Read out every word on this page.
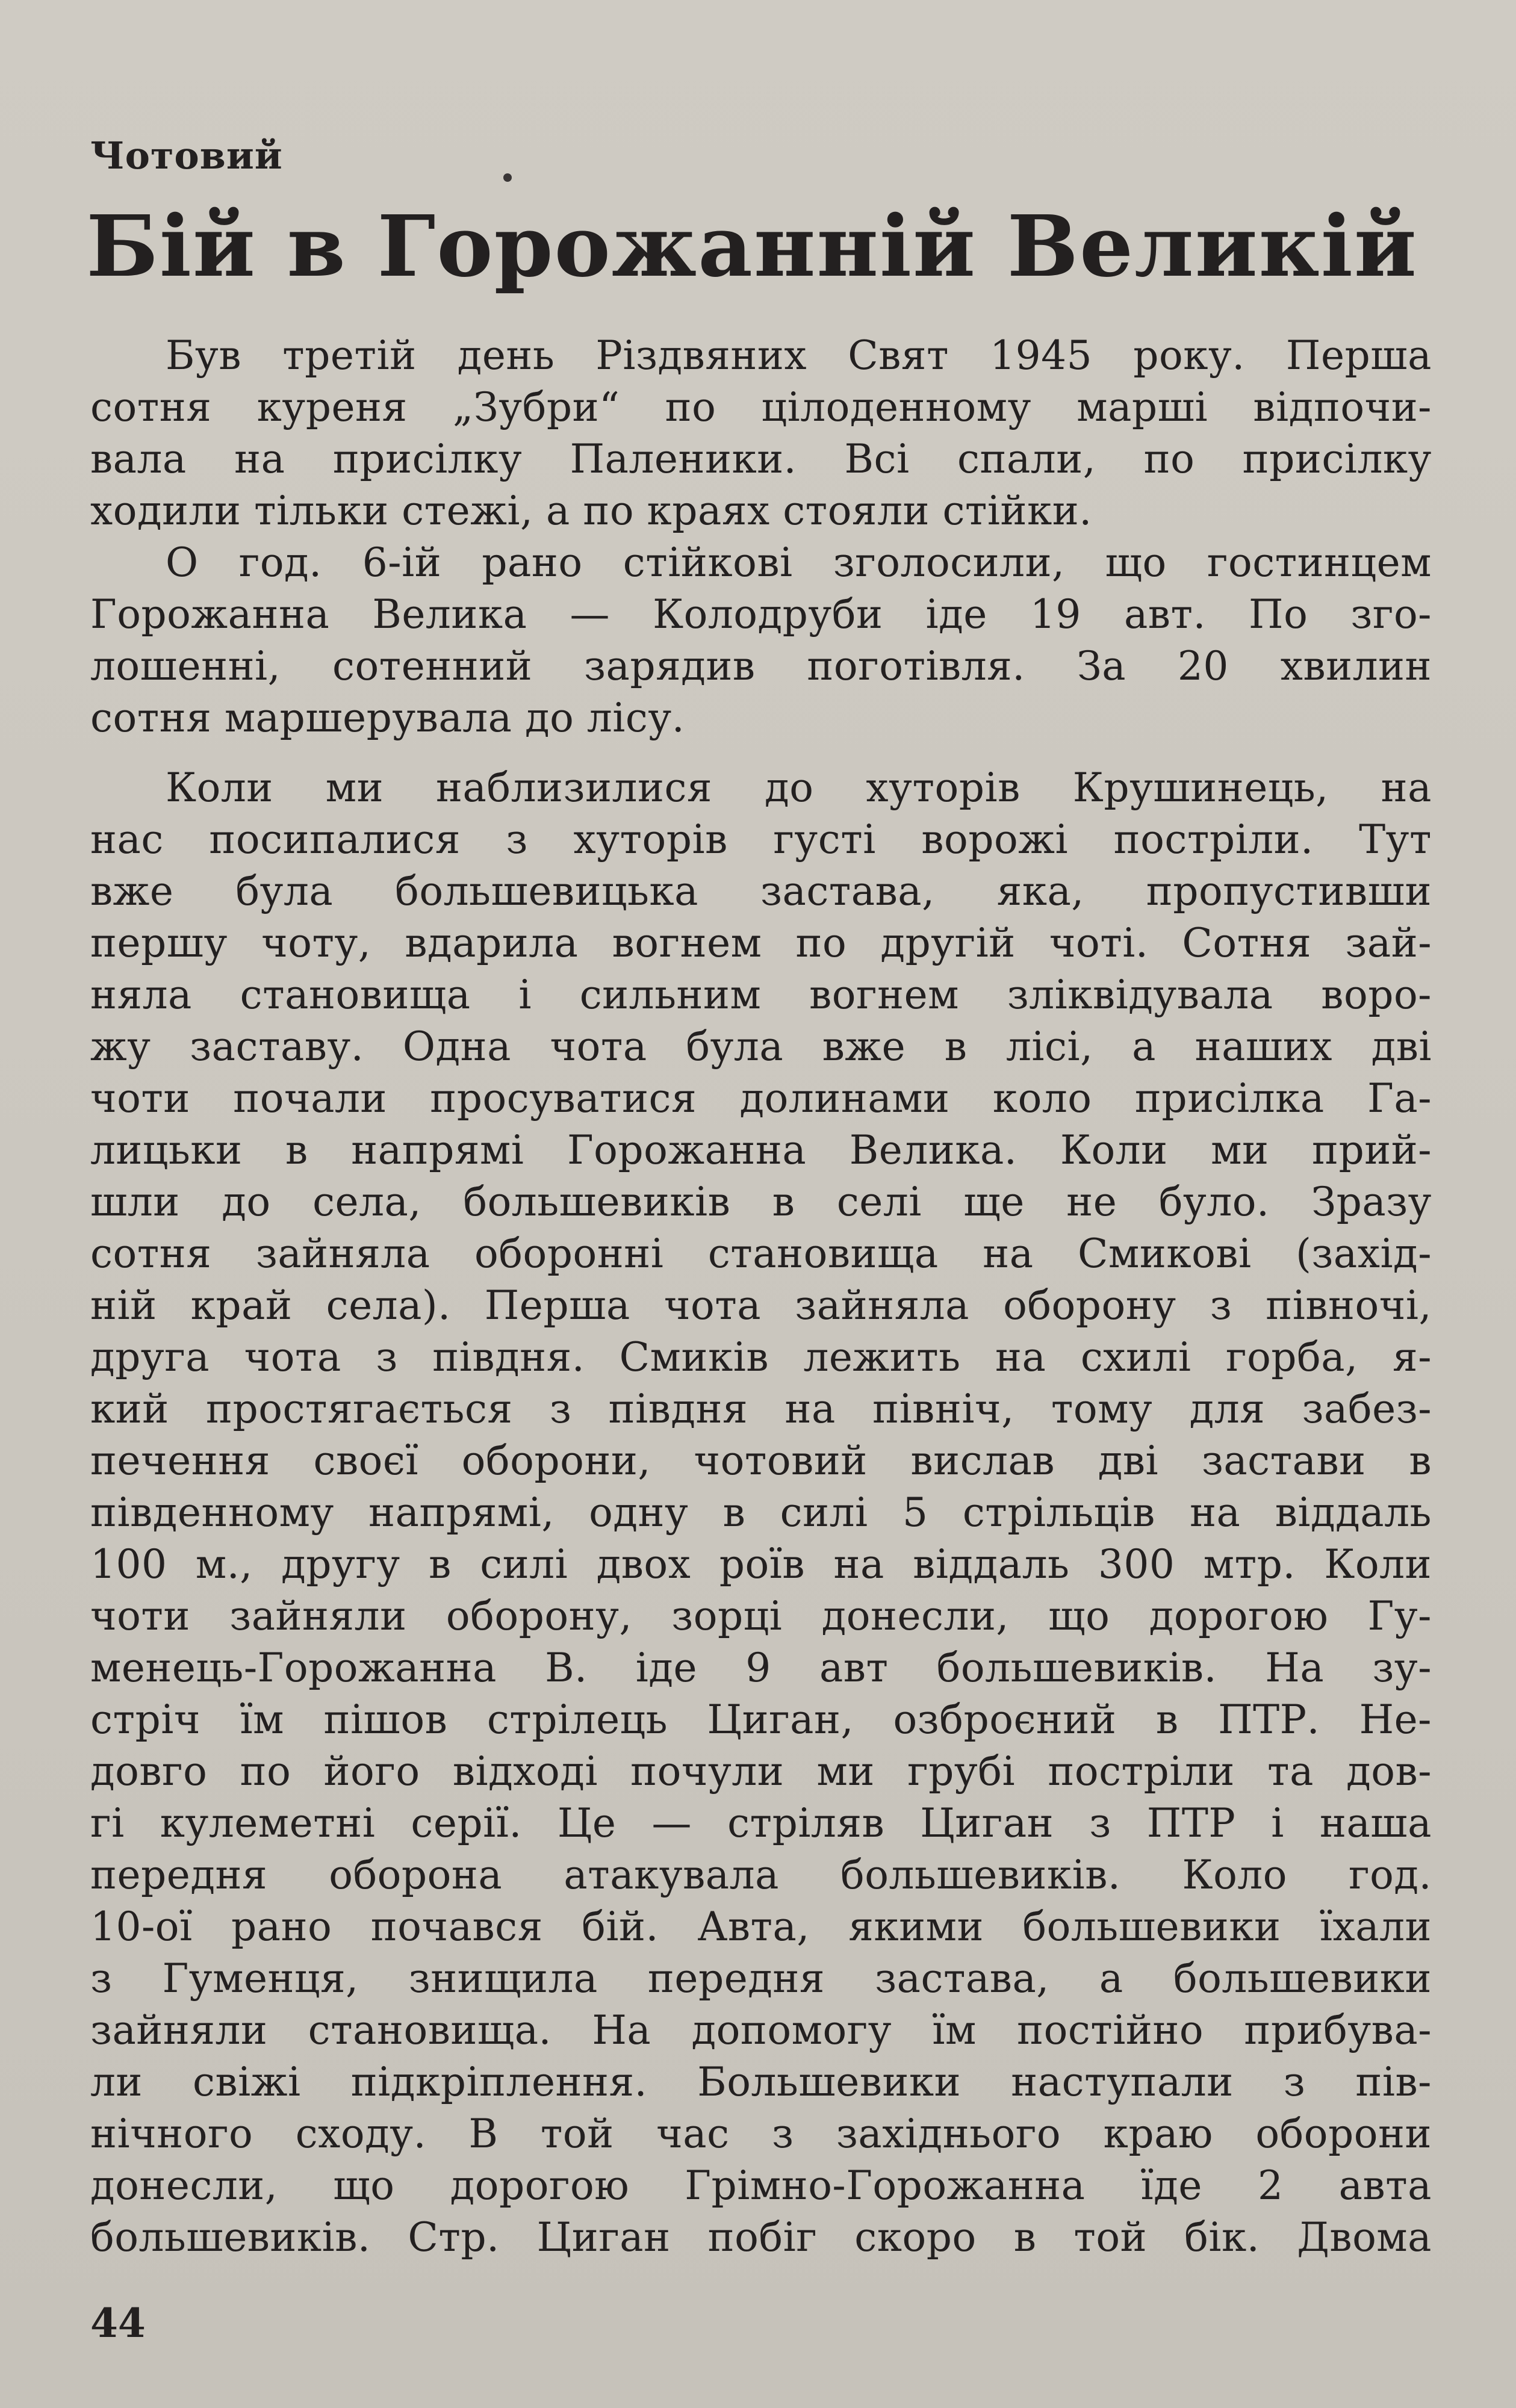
Чотовий
Бій в Горожанній Великій
Був третій день Різдвяних Свят 1945 року. Перша
сотня куреня „Зубри“ по цілоденному марші відпочи-
вала на присілку Паленики. Всі спали, по присілку
ходили тільки стежі, а по краях стояли стійки.
О год. 6-ій рано стійкові зголосили, що гостинцем
Горожанна Велика — Колодруби іде 19 авт. По зго-
лошенні, сотенний зарядив поготівля. За 20 хвилин
сотня маршерувала до лісу.
Коли ми наблизилися до хуторів Крушинець, на
нас посипалися з хуторів густі ворожі постріли. Тут
вже була большевицька застава, яка, пропустивши
першу чоту, вдарила вогнем по другій чоті. Сотня зай-
няла становища і сильним вогнем зліквідувала воро-
жу заставу. Одна чота була вже в лісі, а наших дві
чоти почали просуватися долинами коло присілка Га-
лицьки в напрямі Горожанна Велика. Коли ми прий-
шли до села, большевиків в селі ще не було. Зразу
сотня зайняла оборонні становища на Смикові (захід-
ній край села). Перша чота зайняла оборону з півночі,
друга чота з півдня. Смиків лежить на схилі горба, я-
кий простягається з півдня на північ, тому для забез-
печення своєї оборони, чотовий вислав дві застави в
південному напрямі, одну в силі 5 стрільців на віддаль
100 м., другу в силі двох роїв на віддаль 300 мтр. Коли
чоти зайняли оборону, зорці донесли, що дорогою Гу-
менець-Горожанна В. іде 9 авт большевиків. На зу-
стріч їм пішов стрілець Циган, озброєний в ПТР. Не-
довго по його відході почули ми грубі постріли та дов-
гі кулеметні серії. Це — стріляв Циган з ПТР і наша
передня оборона атакувала большевиків. Коло год.
10-ої рано почався бій. Авта, якими большевики їхали
з Гуменця, знищила передня застава, а большевики
зайняли становища. На допомогу їм постійно прибува-
ли свіжі підкріплення. Большевики наступали з пів-
нічного сходу. В той час з західнього краю оборони
донесли, що дорогою Грімно-Горожанна їде 2 авта
большевиків. Стр. Циган побіг скоро в той бік. Двома
44
